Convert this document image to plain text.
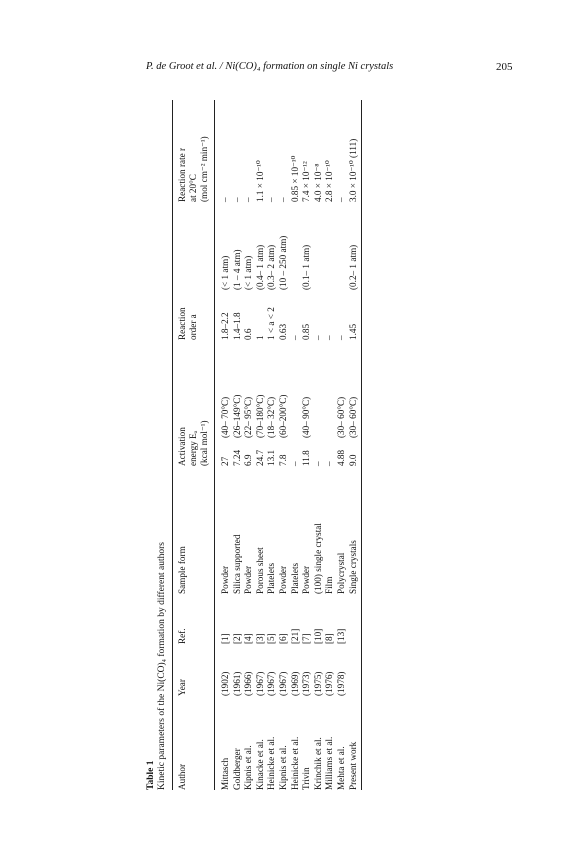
P. de Groot et al. / Ni(CO)₄ formation on single Ni crystals	205
Table 1 Kinetic parameters of the Ni(CO)₄ formation by different authors Author
Year
Ref.
Sample form
Activation energy Eₐ (kcal mol⁻¹)
Reaction order a
Reaction rate r at 20°C (mol cm⁻² min⁻¹)
Mittasch
(1902)
[1]
Powder
27
(40– 70°C)
1.8–2.2
(< 1 atm)
–
Goldberger
(1961)
[2]
Silica supported
7.24
(26–149°C)
1.4–1.8
(1 – 4 atm)
–
Kipnis et al.
(1966)
[4]
Powder
6.9
(22– 95°C)
0.6
(< 1 atm)
–
Kinacke et al.
(1967)
[3]
Porous sheet
24.7
(70–180°C)
1
(0.4– 1 atm)
1.1 × 10⁻¹⁰
Heinicke et al.
(1967)
[5]
Platelets
13.1
(18– 32°C)
1 < a < 2
(0.3– 2 atm)
–
Kipnis et al.
(1967)
[6]
Powder
7.8
(60–200°C)
0.63
(10 – 250 atm)
–
Heinicke et al.
(1969)
[21]
Platelets
–
–
0.85 × 10⁻¹⁰
Trivin
(1973)
[7]
Powder
11.8
(40– 90°C)
0.85
(0.1– 1 atm)
7.4 × 10⁻¹²
Krinchik et al.
(1975)
[10]
(100) single crystal
–
–
4.0 × 10⁻⁸
Milliams et al.
(1976)
[8]
Film
–
–
2.8 × 10⁻¹⁰
Mehta et al.
(1978)
[13]
Polycrystal
4.88
(30– 60°C)
–
–
Present work
Single crystals
9.0
(30– 60°C)
1.45
(0.2– 1 atm)
3.0 × 10⁻¹⁰ (111)
